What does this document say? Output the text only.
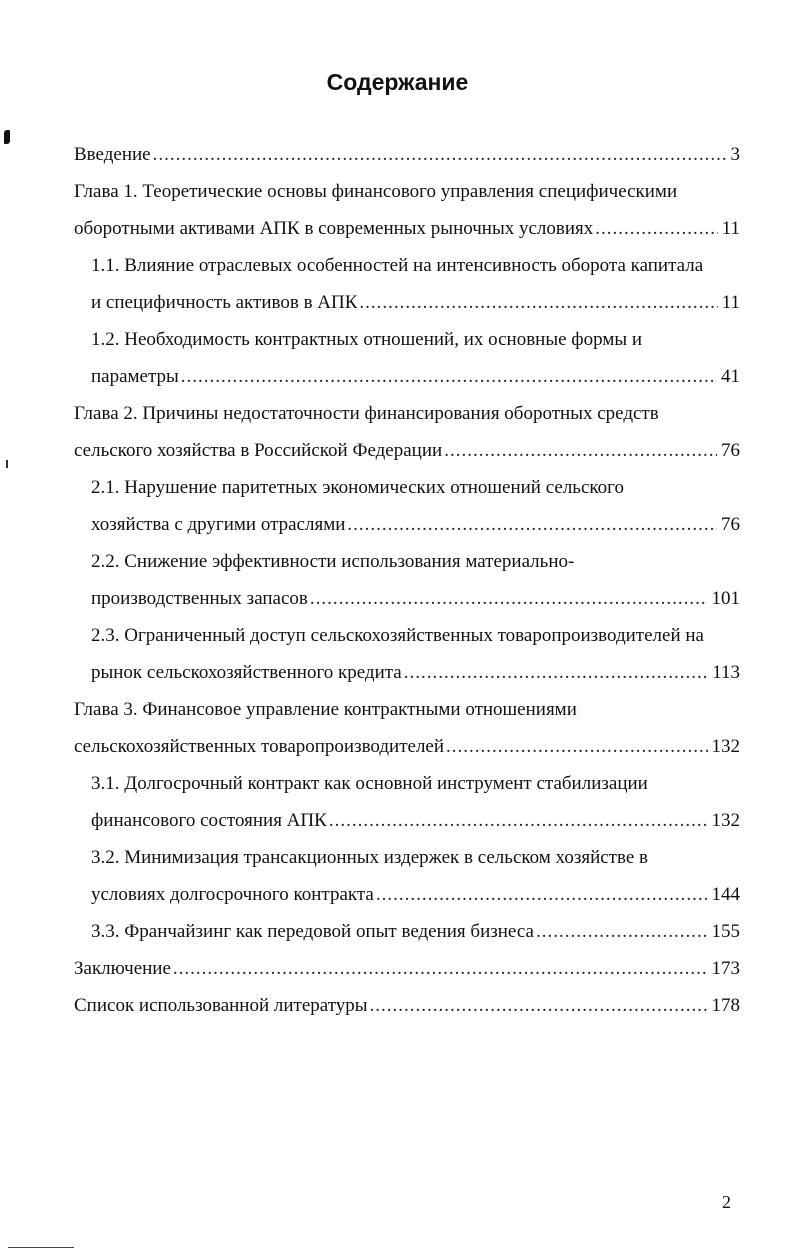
Содержание
Введение .....	3
Глава 1. Теоретические основы финансового управления специфическими
оборотными активами АПК в современных рыночных условиях .....	11
1.1. Влияние отраслевых особенностей на интенсивность оборота капитала
и специфичность активов в АПК .....	11
1.2. Необходимость контрактных отношений, их основные формы и
параметры .....	41
Глава 2. Причины недостаточности финансирования оборотных средств
сельского хозяйства в Российской Федерации .....	76
2.1. Нарушение паритетных экономических отношений сельского
хозяйства с другими отраслями .....	76
2.2. Снижение эффективности использования материально-
производственных запасов .....	101
2.3. Ограниченный доступ сельскохозяйственных товаропроизводителей на
рынок сельскохозяйственного кредита .....	113
Глава 3. Финансовое управление контрактными отношениями
сельскохозяйственных товаропроизводителей .....	132
3.1. Долгосрочный контракт как основной инструмент стабилизации
финансового состояния АПК .....	132
3.2. Минимизация трансакционных издержек в сельском хозяйстве в
условиях долгосрочного контракта .....	144
3.3. Франчайзинг как передовой опыт ведения бизнеса .....	155
Заключение .....	173
Список использованной литературы .....	178
2
